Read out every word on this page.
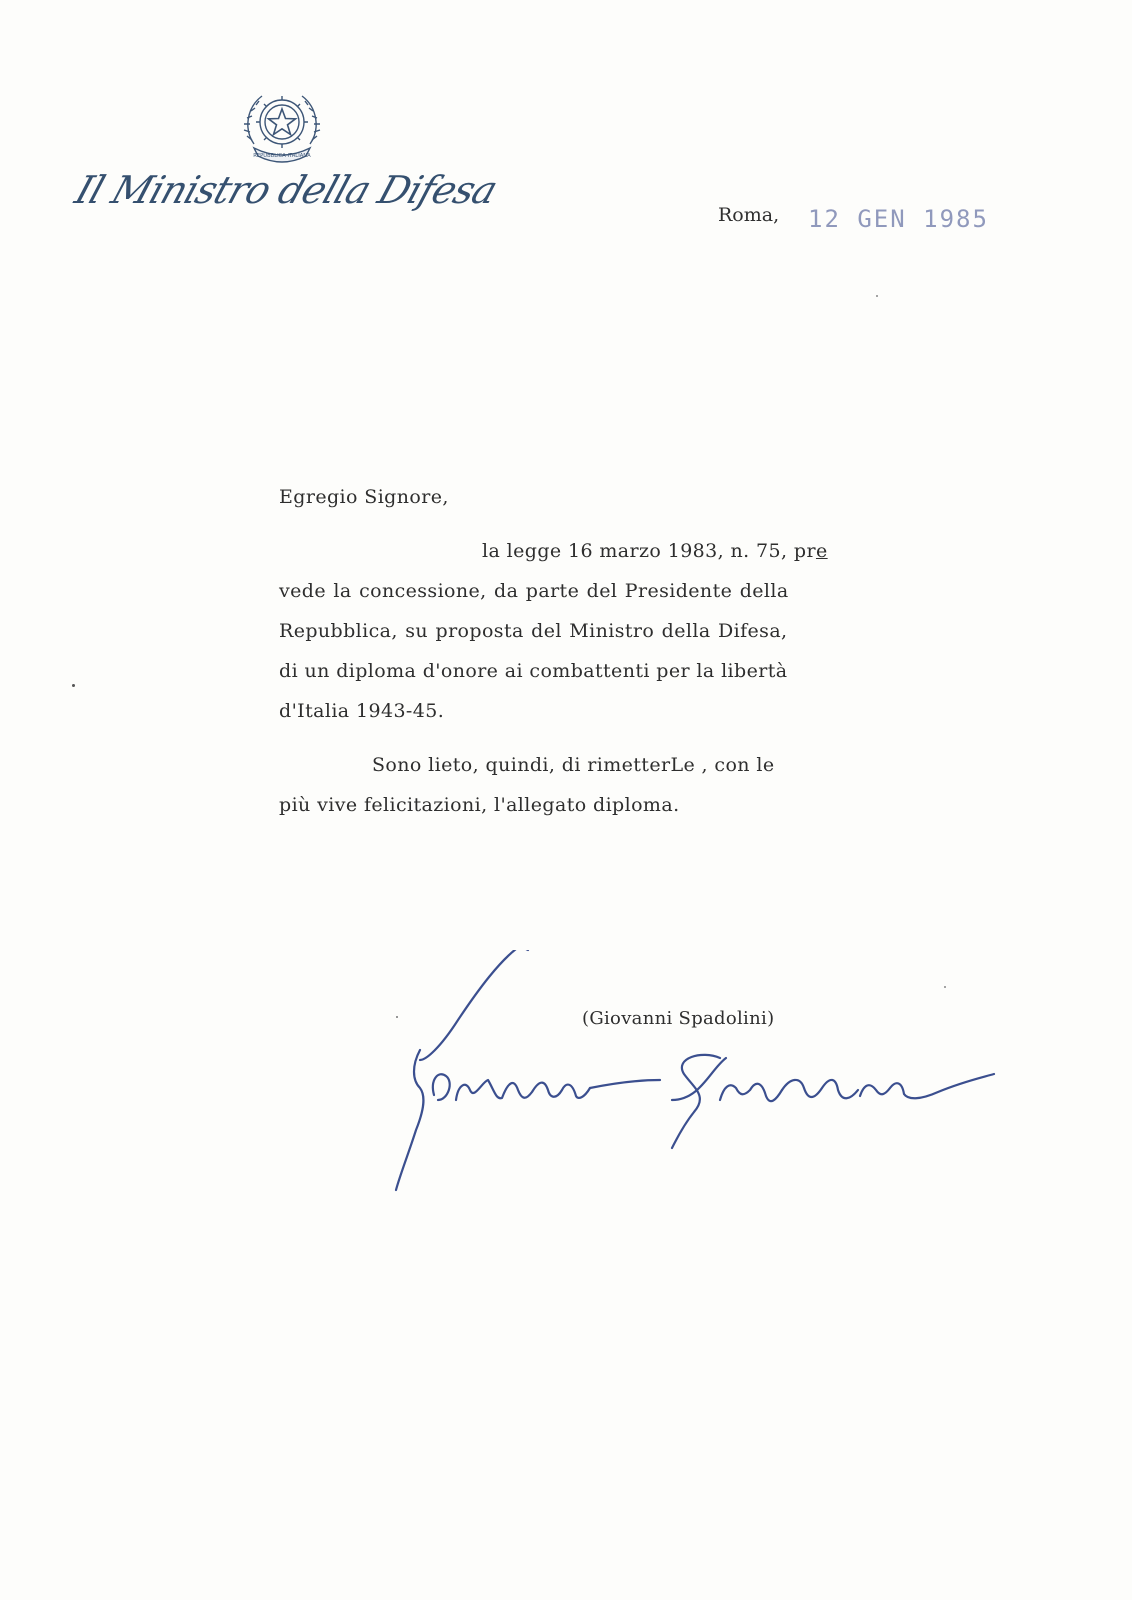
REPUBBLICA ITALIANA
Il Ministro della Difesa
Roma, 12 GEN 1985
Egregio Signore,
la legge 16 marzo 1983, n. 75, pre
vede la concessione, da parte del Presidente della
Repubblica, su proposta del Ministro della Difesa,
di un diploma d'onore ai combattenti per la libertà
d'Italia 1943-45.
Sono lieto, quindi, di rimetterLe , con le
più vive felicitazioni, l'allegato diploma.
(Giovanni Spadolini)
